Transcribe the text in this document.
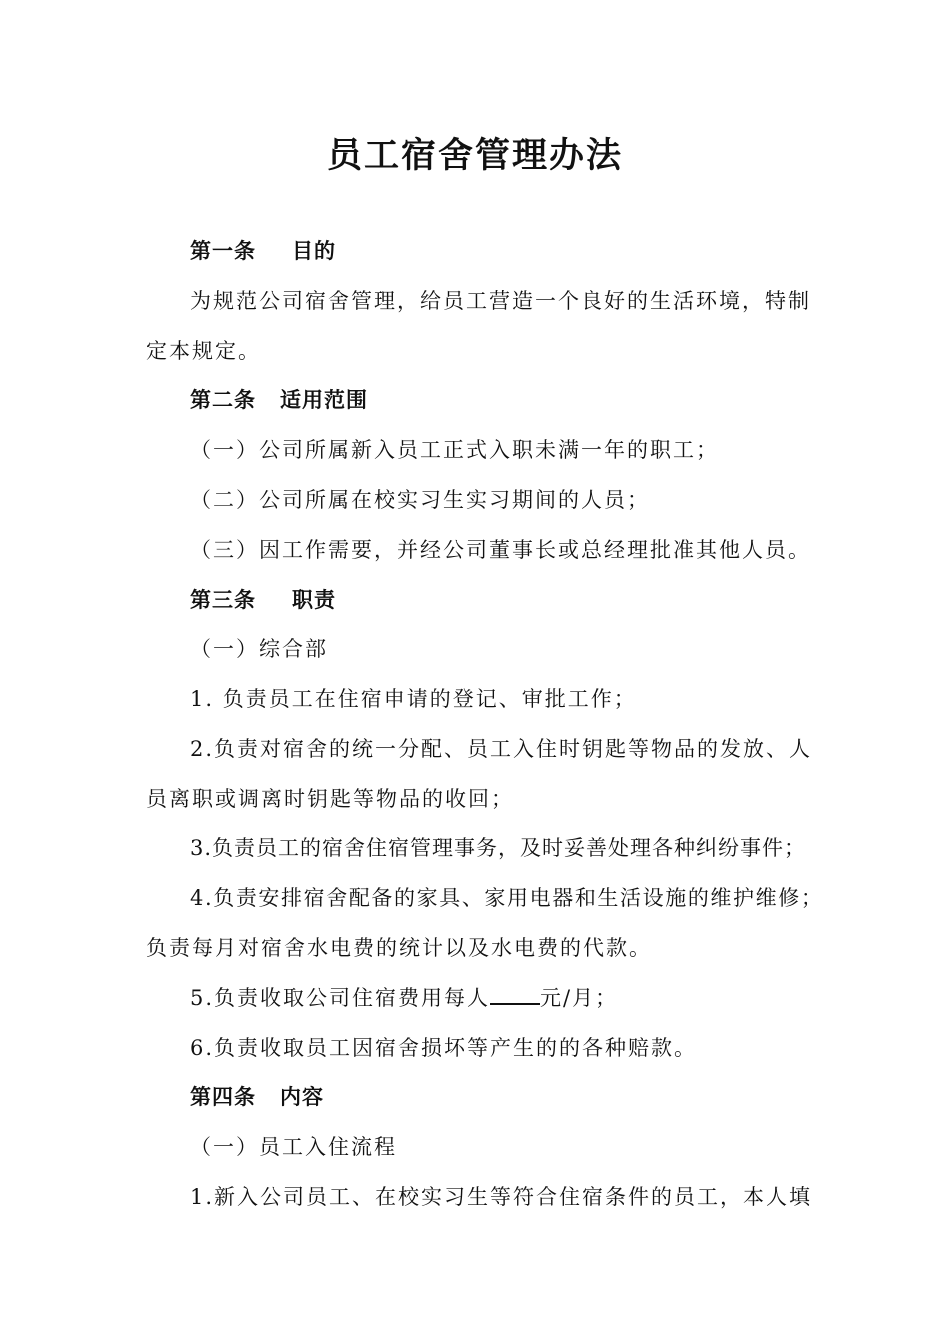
员工宿舍管理办法
第一条 目的
为规范公司宿舍管理，给员工营造一个良好的生活环境，特制
定本规定。
第二条 适用范围
（一）公司所属新入员工正式入职未满一年的职工；
（二）公司所属在校实习生实习期间的人员；
（三）因工作需要，并经公司董事长或总经理批准其他人员。
第三条 职责
（一）综合部
1. 负责员工在住宿申请的登记、审批工作；
2.负责对宿舍的统一分配、员工入住时钥匙等物品的发放、人
员离职或调离时钥匙等物品的收回；
3.负责员工的宿舍住宿管理事务，及时妥善处理各种纠纷事件；
4.负责安排宿舍配备的家具、家用电器和生活设施的维护维修；
负责每月对宿舍水电费的统计以及水电费的代款。
5.负责收取公司住宿费用每人 元/月；
6.负责收取员工因宿舍损坏等产生的的各种赔款。
第四条 内容
（一）员工入住流程
1.新入公司员工、在校实习生等符合住宿条件的员工，本人填
